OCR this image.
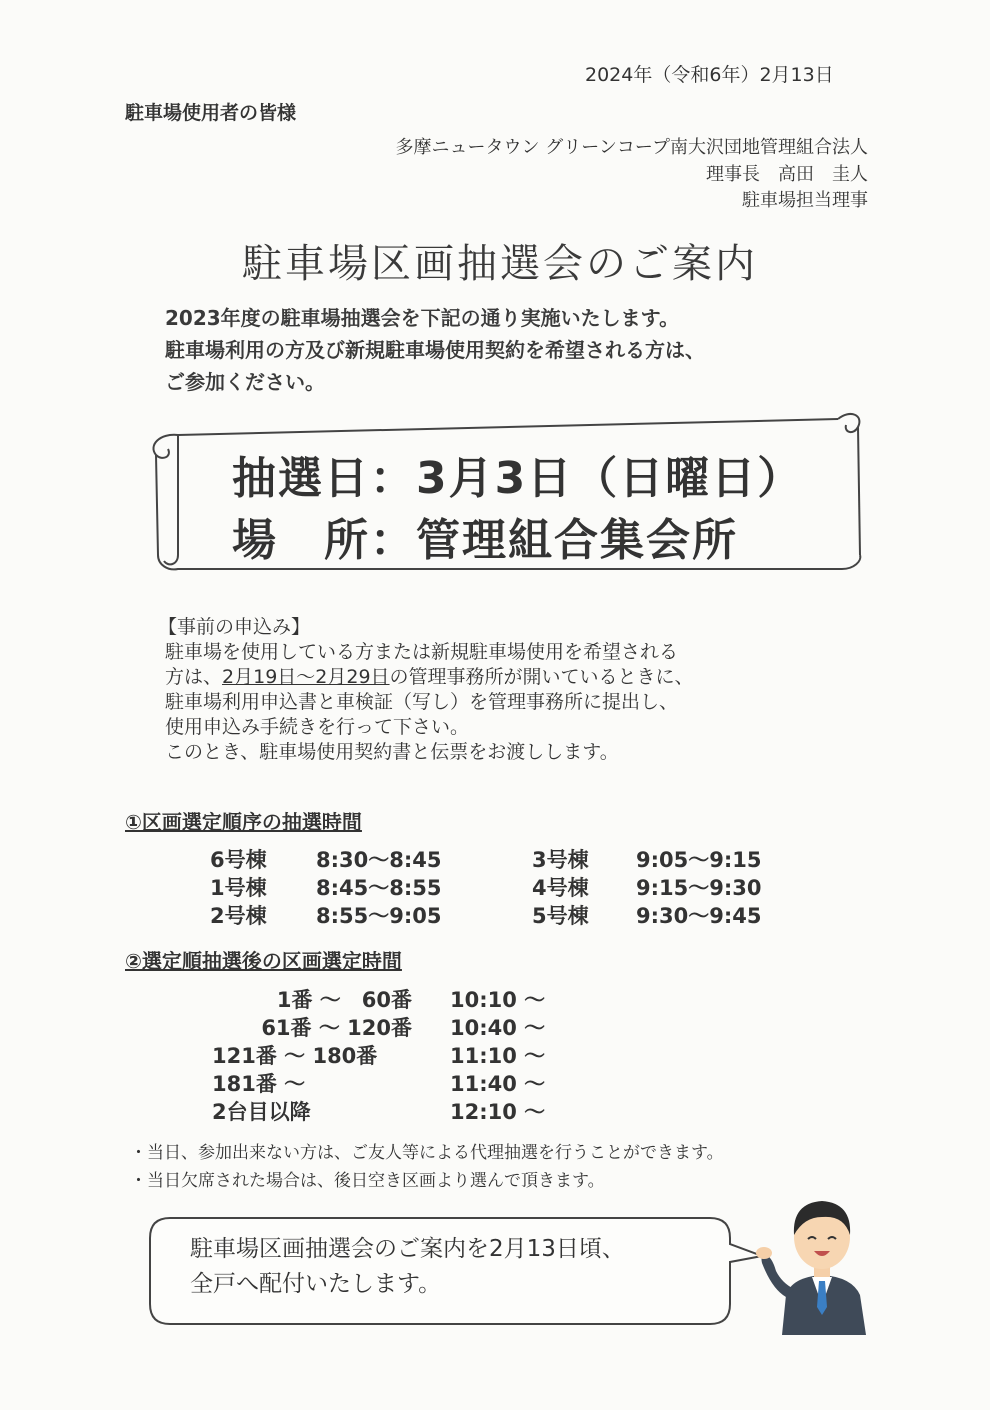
2024年（令和6年）2月13日
駐車場使用者の皆様
多摩ニュータウン グリーンコープ南大沢団地管理組合法人
理事長　高田　圭人
駐車場担当理事
駐車場区画抽選会のご案内
2023年度の駐車場抽選会を下記の通り実施いたします。
駐車場利用の方及び新規駐車場使用契約を希望される方は、
ご参加ください。
抽選日：3月3日（日曜日）
場　所：管理組合集会所
【事前の申込み】
駐車場を使用している方または新規駐車場使用を希望される
方は、2月19日～2月29日の管理事務所が開いているときに、
駐車場利用申込書と車検証（写し）を管理事務所に提出し、
使用申込み手続きを行って下さい。
このとき、駐車場使用契約書と伝票をお渡しします。
①区画選定順序の抽選時間
6号棟 8:30～8:45	3号棟 9:05～9:15
1号棟 8:45～8:55	4号棟 9:15～9:30
2号棟 8:55～9:05	5号棟 9:30～9:45
②選定順抽選後の区画選定時間
1番 ～　60番 10:10 ～
61番 ～ 120番 10:40 ～
121番 ～ 180番	11:10 ～
181番 ～	11:40 ～
2台目以降	12:10 ～
・当日、参加出来ない方は、ご友人等による代理抽選を行うことができます。
・当日欠席された場合は、後日空き区画より選んで頂きます。
駐車場区画抽選会のご案内を2月13日頃、
全戸へ配付いたします。
